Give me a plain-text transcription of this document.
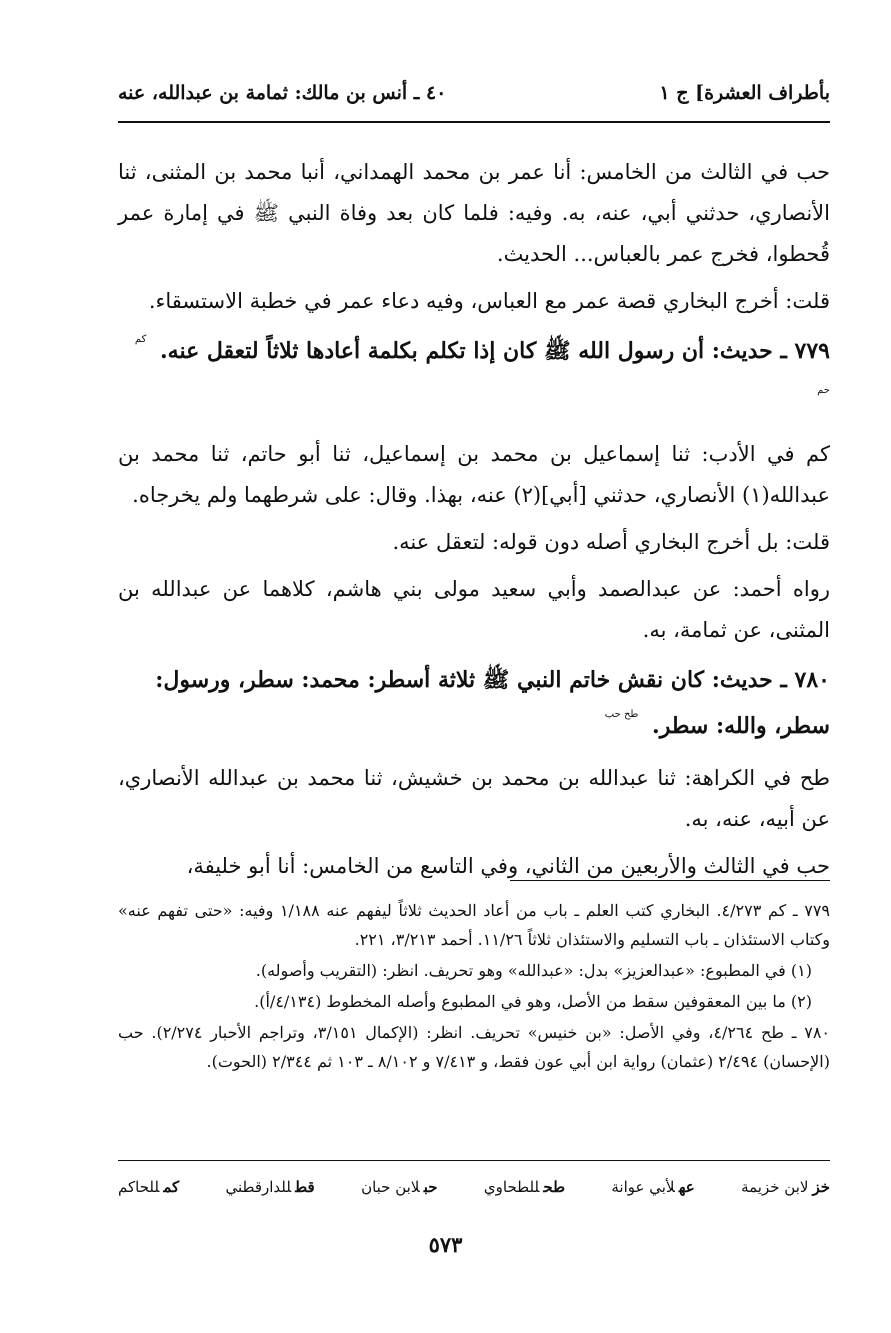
بأطراف العشرة] ج ١
٤٠ ـ أنس بن مالك: ثمامة بن عبدالله، عنه

حب في الثالث من الخامس: أنا عمر بن محمد الهمداني، أنبا محمد بن المثنى، ثنا الأنصاري، حدثني أبي، عنه، به. وفيه: فلما كان بعد وفاة النبي ﷺ في إمارة عمر قُحطوا، فخرج عمر بالعباس... الحديث.

قلت: أخرج البخاري قصة عمر مع العباس، وفيه دعاء عمر في خطبة الاستسقاء.

٧٧٩ ـ حديث: أن رسول الله ﷺ كان إذا تكلم بكلمة أعادها ثلاثاً لتعقل عنه. $^{كم حم}$

كم في الأدب: ثنا إسماعيل بن محمد بن إسماعيل، ثنا أبو حاتم، ثنا محمد بن عبدالله(١) الأنصاري، حدثني [أبي](٢) عنه، بهذا. وقال: على شرطهما ولم يخرجاه.

قلت: بل أخرج البخاري أصله دون قوله: لتعقل عنه.

رواه أحمد: عن عبدالصمد وأبي سعيد مولى بني هاشم، كلاهما عن عبدالله بن المثنى، عن ثمامة، به.

٧٨٠ ـ حديث: كان نقش خاتم النبي ﷺ ثلاثة أسطر: محمد: سطر، ورسول: سطر، والله: سطر. $^{طح حب}$

طح في الكراهة: ثنا عبدالله بن محمد بن خشيش، ثنا محمد بن عبدالله الأنصاري، عن أبيه، عنه، به.

حب في الثالث والأربعين من الثاني، وفي التاسع من الخامس: أنا أبو خليفة،

٧٧٩ ـ كم ٤/٢٧٣. البخاري كتب العلم ـ باب من أعاد الحديث ثلاثاً ليفهم عنه ١/١٨٨ وفيه: «حتى تفهم عنه» وكتاب الاستئذان ـ باب التسليم والاستئذان ثلاثاً ١١/٢٦. أحمد ٣/٢١٣، ٢٢١.

(١) في المطبوع: «عبدالعزيز» بدل: «عبدالله» وهو تحريف. انظر: (التقريب وأصوله).

(٢) ما بين المعقوفين سقط من الأصل، وهو في المطبوع وأصله المخطوط (٤/١٣٤/أ).

٧٨٠ ـ طح ٤/٢٦٤، وفي الأصل: «بن خنيس» تحريف. انظر: (الإكمال ٣/١٥١، وتراجم الأحبار ٢/٢٧٤). حب (الإحسان) ٢/٤٩٤ (عثمان) رواية ابن أبي عون فقط، و ٧/٤١٣ و ٨/١٠٢ ـ ١٠٣ ثم ٢/٣٤٤ (الحوت).

خزلابن خزيمة
عهلأبي عوانة
طحللطحاوي
حبلابن حبان
قطللدارقطني
كمللحاكم
٥٧٣
